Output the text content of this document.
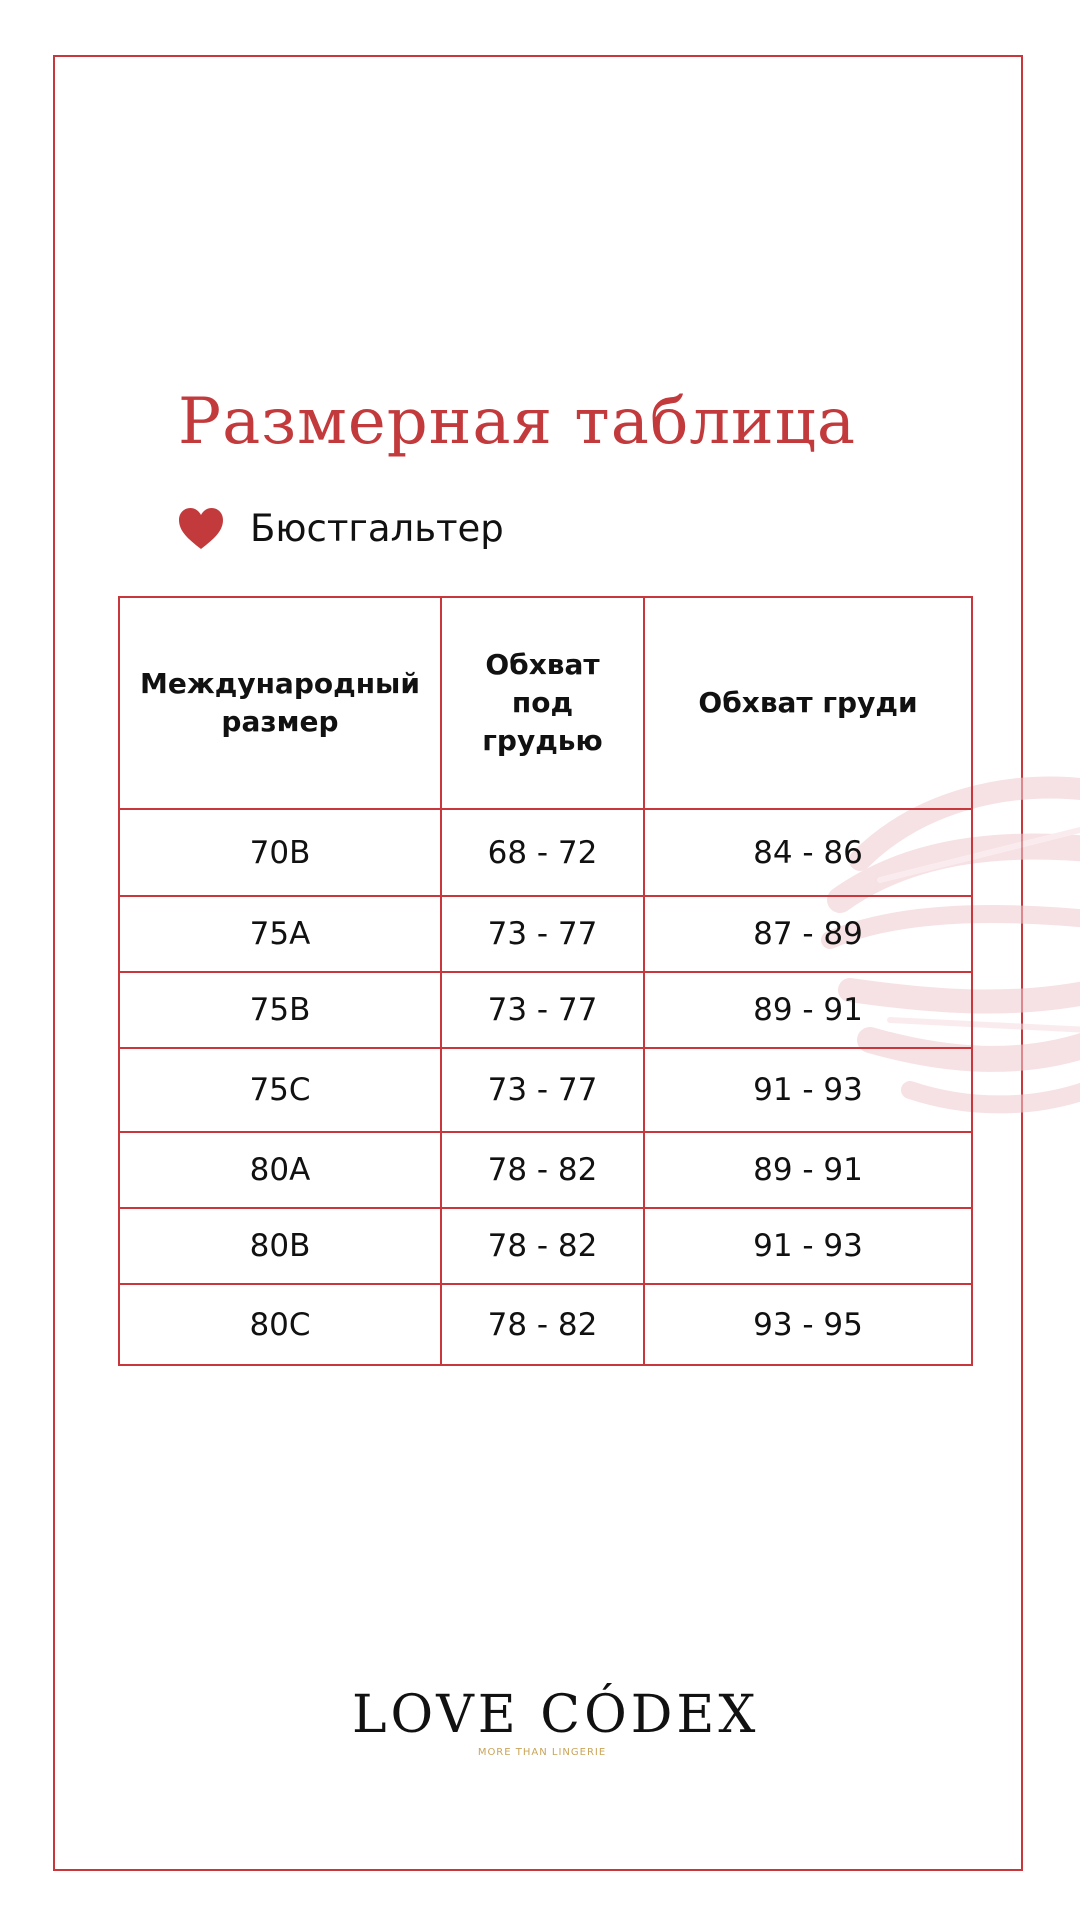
Размерная таблица
Бюстгальтер
Международный размер	Обхват под грудью	Обхват груди
70B	68 - 72	84 - 86
75A	73 - 77	87 - 89
75B	73 - 77	89 - 91
75C	73 - 77	91 - 93
80A	78 - 82	89 - 91
80B	78 - 82	91 - 93
80C	78 - 82	93 - 95
LOVE CÓDEX
MORE THAN LINGERIE
